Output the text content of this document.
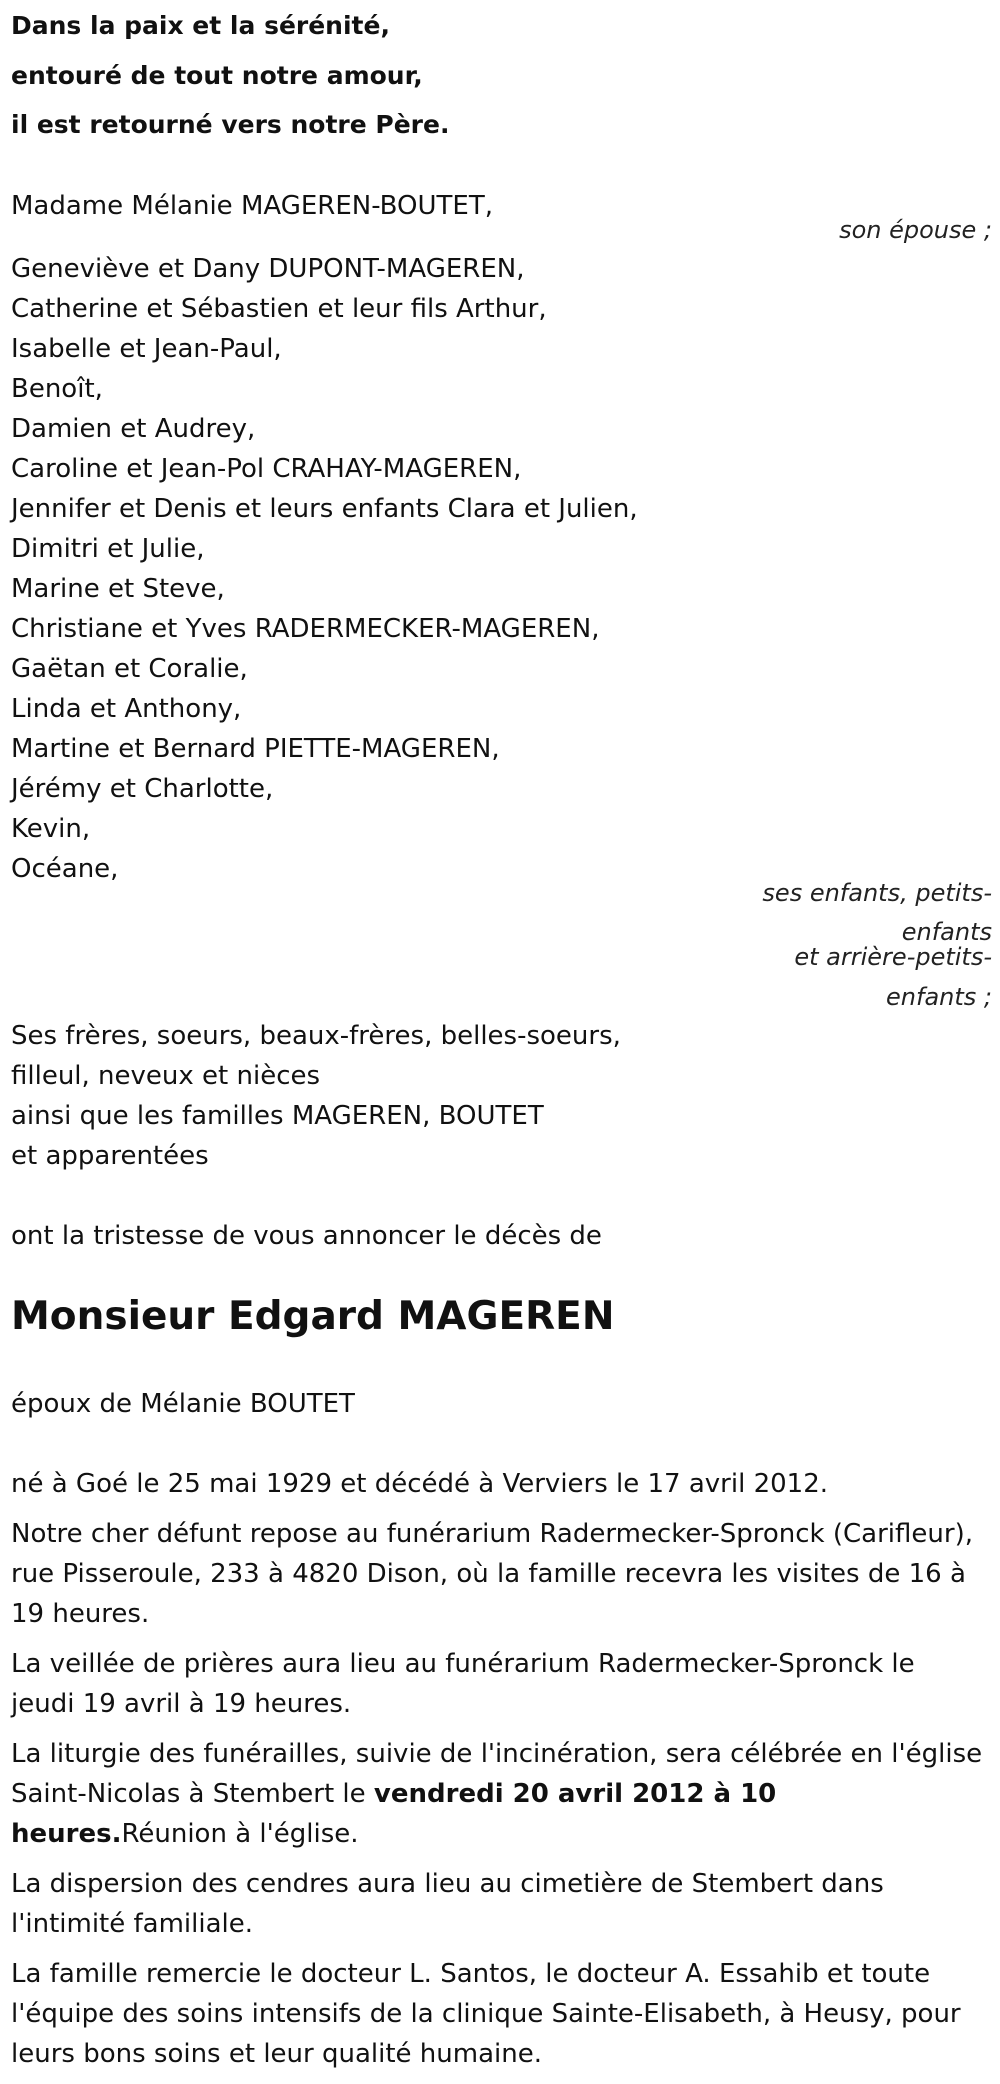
Dans la paix et la sérénité,

entouré de tout notre amour,

il est retourné vers notre Père.

Madame Mélanie MAGEREN-BOUTET,

son épouse ;

Geneviève et Dany DUPONT-MAGEREN,

Catherine et Sébastien et leur fils Arthur,

Isabelle et Jean-Paul,

Benoît,

Damien et Audrey,

Caroline et Jean-Pol CRAHAY-MAGEREN,

Jennifer et Denis et leurs enfants Clara et Julien,

Dimitri et Julie,

Marine et Steve,

Christiane et Yves RADERMECKER-MAGEREN,

Gaëtan et Coralie,

Linda et Anthony,

Martine et Bernard PIETTE-MAGEREN,

Jérémy et Charlotte,

Kevin,

Océane,

ses enfants, petits-
enfants
et arrière-petits-
enfants ;

Ses frères, soeurs, beaux-frères, belles-soeurs,

filleul, neveux et nièces

ainsi que les familles MAGEREN, BOUTET

et apparentées

ont la tristesse de vous annoncer le décès de

Monsieur Edgard MAGEREN

époux de Mélanie BOUTET

né à Goé le 25 mai 1929 et décédé à Verviers le 17 avril 2012.

Notre cher défunt repose au funérarium Radermecker-Spronck (Carifleur), rue Pisseroule, 233 à 4820 Dison, où la famille recevra les visites de 16 à 19 heures.

La veillée de prières aura lieu au funérarium Radermecker-Spronck le jeudi 19 avril à 19 heures.

La liturgie des funérailles, suivie de l'incinération, sera célébrée en l'église Saint-Nicolas à Stembert le vendredi 20 avril 2012 à 10 heures.Réunion à l'église.

La dispersion des cendres aura lieu au cimetière de Stembert dans l'intimité familiale.

La famille remercie le docteur L. Santos, le docteur A. Essahib et toute l'équipe des soins intensifs de la clinique Sainte-Elisabeth, à Heusy, pour leurs bons soins et leur qualité humaine.
